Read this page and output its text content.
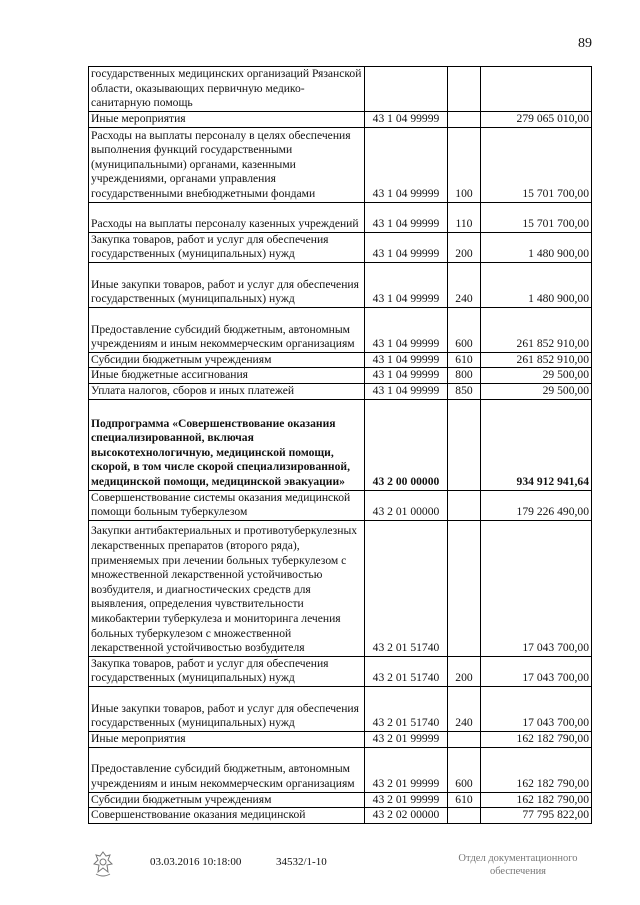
89
государственных медицинских организаций Рязанской области, оказывающих первичную медико-санитарную помощь			
Иные мероприятия	43 1 04 99999		279 065 010,00
Расходы на выплаты персоналу в целях обеспечения выполнения функций государственными (муниципальными) органами, казенными учреждениями, органами управления государственными внебюджетными фондами	43 1 04 99999	100	15 701 700,00
Расходы на выплаты персоналу казенных учреждений	43 1 04 99999	110	15 701 700,00
Закупка товаров, работ и услуг для обеспечения государственных (муниципальных) нужд	43 1 04 99999	200	1 480 900,00
Иные закупки товаров, работ и услуг для обеспечения государственных (муниципальных) нужд	43 1 04 99999	240	1 480 900,00
Предоставление субсидий бюджетным, автономным учреждениям и иным некоммерческим организациям	43 1 04 99999	600	261 852 910,00
Субсидии бюджетным учреждениям	43 1 04 99999	610	261 852 910,00
Иные бюджетные ассигнования	43 1 04 99999	800	29 500,00
Уплата налогов, сборов и иных платежей	43 1 04 99999	850	29 500,00
Подпрограмма «Совершенствование оказания специализированной, включая высокотехнологичную, медицинской помощи, скорой, в том числе скорой специализированной, медицинской помощи, медицинской эвакуации»	43 2 00 00000		934 912 941,64
Совершенствование системы оказания медицинской помощи больным туберкулезом	43 2 01 00000		179 226 490,00
Закупки антибактериальных и противотуберкулезных лекарственных препаратов (второго ряда), применяемых при лечении больных туберкулезом с множественной лекарственной устойчивостью возбудителя, и диагностических средств для выявления, определения чувствительности микобактерии туберкулеза и мониторинга лечения больных туберкулезом с множественной лекарственной устойчивостью возбудителя	43 2 01 51740		17 043 700,00
Закупка товаров, работ и услуг для обеспечения государственных (муниципальных) нужд	43 2 01 51740	200	17 043 700,00
Иные закупки товаров, работ и услуг для обеспечения государственных (муниципальных) нужд	43 2 01 51740	240	17 043 700,00
Иные мероприятия	43 2 01 99999		162 182 790,00
Предоставление субсидий бюджетным, автономным учреждениям и иным некоммерческим организациям	43 2 01 99999	600	162 182 790,00
Субсидии бюджетным учреждениям	43 2 01 99999	610	162 182 790,00
Совершенствование оказания медицинской	43 2 02 00000		77 795 822,00
03.03.2016 10:18:00	34532/1-10	Отдел документационного
обеспечения
